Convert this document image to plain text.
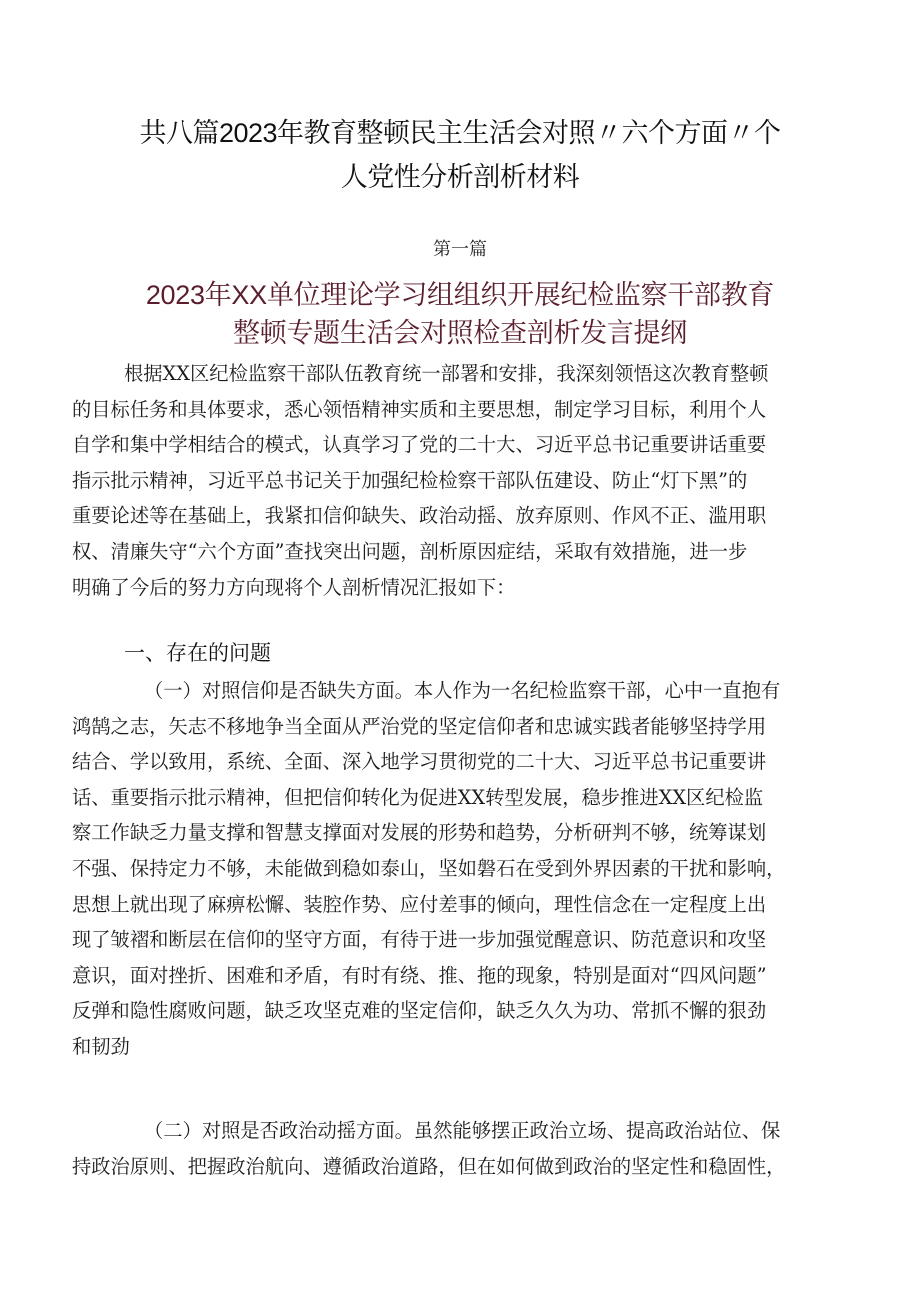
共八篇2023年教育整顿民主生活会对照〃六个方面〃个
人党性分析剖析材料
第一篇
2023年XX单位理论学习组组织开展纪检监察干部教育
整顿专题生活会对照检查剖析发言提纲
根据XX区纪检监察干部队伍教育统一部署和安排，我深刻领悟这次教育整顿
的目标任务和具体要求，悉心领悟精神实质和主要思想，制定学习目标，利用个人
自学和集中学相结合的模式，认真学习了党的二十大、习近平总书记重要讲话重要
指示批示精神，习近平总书记关于加强纪检检察干部队伍建设、防止“灯下黑”的
重要论述等在基础上，我紧扣信仰缺失、政治动摇、放弃原则、作风不正、滥用职
权、清廉失守“六个方面”查找突出问题，剖析原因症结，采取有效措施，进一步
明确了今后的努力方向现将个人剖析情况汇报如下：
一、存在的问题
（一）对照信仰是否缺失方面。本人作为一名纪检监察干部，心中一直抱有
鸿鹄之志，矢志不移地争当全面从严治党的坚定信仰者和忠诚实践者能够坚持学用
结合、学以致用，系统、全面、深入地学习贯彻党的二十大、习近平总书记重要讲
话、重要指示批示精神，但把信仰转化为促进XX转型发展，稳步推进XX区纪检监
察工作缺乏力量支撑和智慧支撑面对发展的形势和趋势，分析研判不够，统筹谋划
不强、保持定力不够，未能做到稳如泰山，坚如磐石在受到外界因素的干扰和影响，
思想上就出现了麻痹松懈、装腔作势、应付差事的倾向，理性信念在一定程度上出
现了皱褶和断层在信仰的坚守方面，有待于进一步加强觉醒意识、防范意识和攻坚
意识，面对挫折、困难和矛盾，有时有绕、推、拖的现象，特别是面对“四风问题”
反弹和隐性腐败问题，缺乏攻坚克难的坚定信仰，缺乏久久为功、常抓不懈的狠劲
和韧劲
（二）对照是否政治动摇方面。虽然能够摆正政治立场、提高政治站位、保
持政治原则、把握政治航向、遵循政治道路，但在如何做到政治的坚定性和稳固性，
